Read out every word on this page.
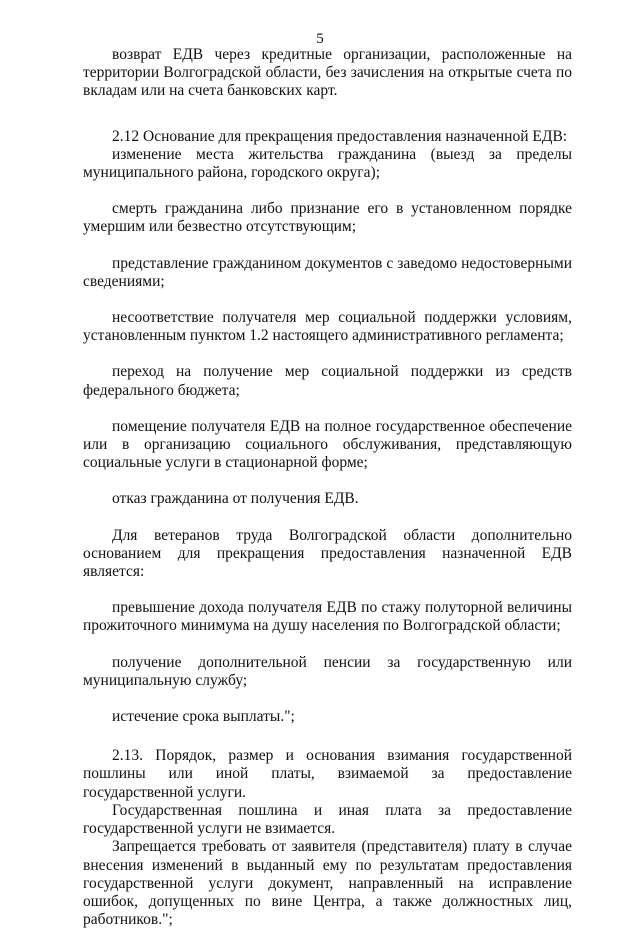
5

возврат ЕДВ через кредитные организации, расположенные на территории Волгоградской области, без зачисления на открытые счета по вкладам или на счета банковских карт.

2.12 Основание для прекращения предоставления назначенной ЕДВ:

изменение места жительства гражданина (выезд за пределы муниципального района, городского округа);

смерть гражданина либо признание его в установленном порядке умершим или безвестно отсутствующим;

представление гражданином документов с заведомо недостоверными сведениями;

несоответствие получателя мер социальной поддержки условиям, установленным пунктом 1.2 настоящего административного регламента;

переход на получение мер социальной поддержки из средств федерального бюджета;

помещение получателя ЕДВ на полное государственное обеспечение или в организацию социального обслуживания, представляющую социальные услуги в стационарной форме;

отказ гражданина от получения ЕДВ.

Для ветеранов труда Волгоградской области дополнительно основанием для прекращения предоставления назначенной ЕДВ является:

превышение дохода получателя ЕДВ по стажу полуторной величины прожиточного минимума на душу населения по Волгоградской области;

получение дополнительной пенсии за государственную или муниципальную службу;

истечение срока выплаты.";

2.13. Порядок, размер и основания взимания государственной пошлины или иной платы, взимаемой за предоставление государственной услуги.

Государственная пошлина и иная плата за предоставление государственной услуги не взимается.

Запрещается требовать от заявителя (представителя) плату в случае внесения изменений в выданный ему по результатам предоставления государственной услуги документ, направленный на исправление ошибок, допущенных по вине Центра, а также должностных лиц, работников.";
